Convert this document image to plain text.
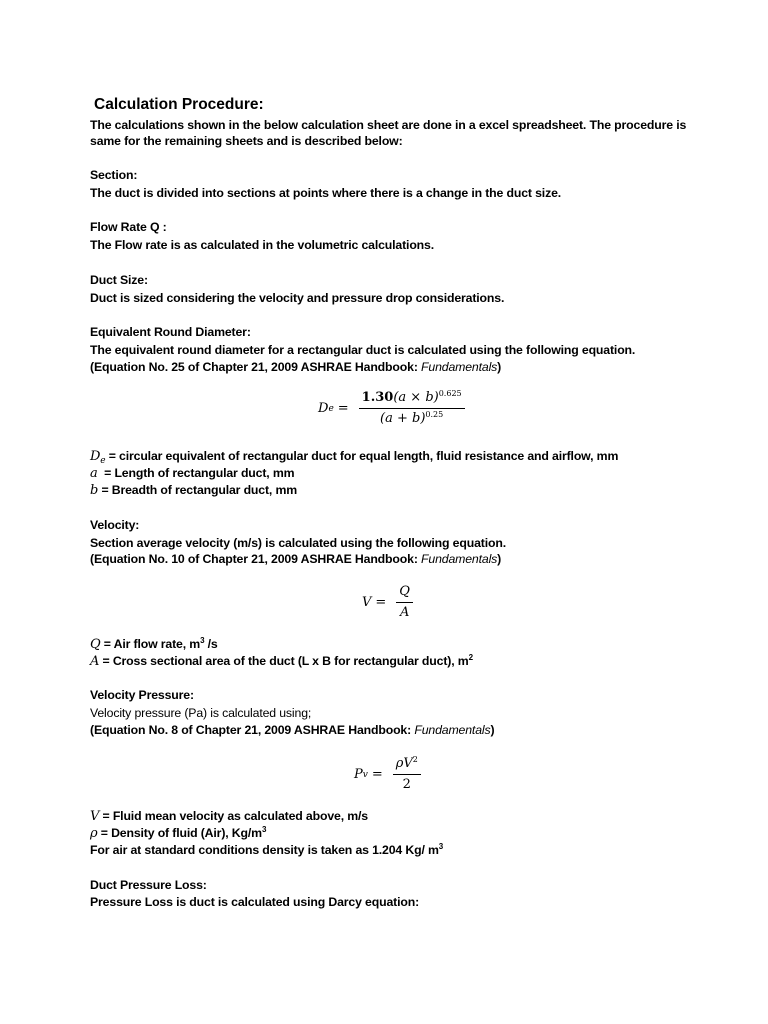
Calculation Procedure:
The calculations shown in the below calculation sheet are done in a excel spreadsheet. The procedure is
same for the remaining sheets and is described below:
Section:
The duct is divided into sections at points where there is a change in the duct size.
Flow Rate Q :
The Flow rate is as calculated in the volumetric calculations.
Duct Size:
Duct is sized considering the velocity and pressure drop considerations.
Equivalent Round Diameter:
The equivalent round diameter for a rectangular duct is calculated using the following equation.
(Equation No. 25 of Chapter 21, 2009 ASHRAE Handbook: Fundamentals)
D $e = \frac{1.30(a \times b)^{0.625}}{(a + b)^{0.25}}$
$D_e$ = circular equivalent of rectangular duct for equal length, fluid resistance and airflow, mm
a  = Length of rectangular duct, mm
b = Breadth of rectangular duct, mm
Velocity:
Section average velocity (m/s) is calculated using the following equation.
(Equation No. 10 of Chapter 21, 2009 ASHRAE Handbook: Fundamentals)
$V = \frac{Q}{A}$
Q = Air flow rate, $m^3$ /s
A = Cross sectional area of the duct (L x B for rectangular duct), $m^2$
Velocity Pressure:
Velocity pressure (Pa) is calculated using;
(Equation No. 8 of Chapter 21, 2009 ASHRAE Handbook: Fundamentals)
P $v = \frac{\rho V^2}{2}$
V = Fluid mean velocity as calculated above, m/s
ρ = Density of fluid (Air), $Kg/m^3$
For air at standard conditions density is taken as 1.204 Kg/ $m^3$
Duct Pressure Loss:
Pressure Loss is duct is calculated using Darcy equation:
